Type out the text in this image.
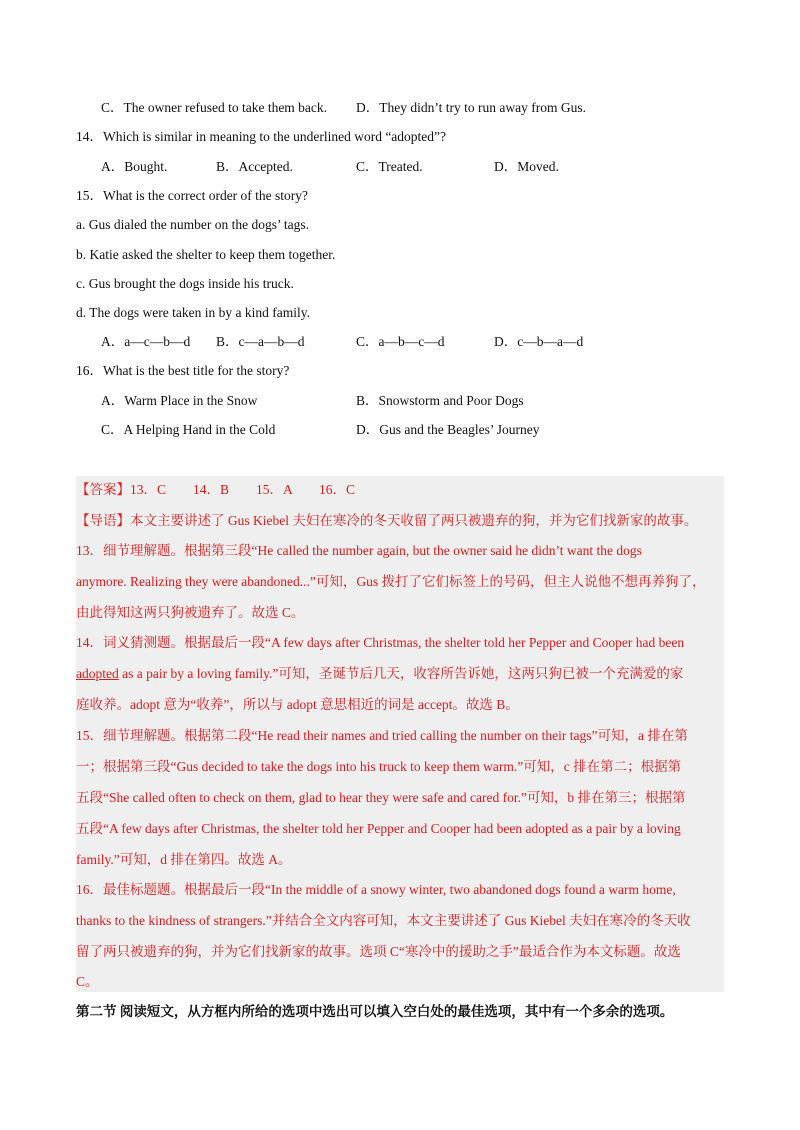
C．The owner refused to take them back. D．They didn’t try to run away from Gus.
14．Which is similar in meaning to the underlined word “adopted”?
A．Bought.	B．Accepted.	C．Treated.	D．Moved.
15．What is the correct order of the story?
a. Gus dialed the number on the dogs’ tags.
b. Katie asked the shelter to keep them together.
c. Gus brought the dogs inside his truck.
d. The dogs were taken in by a kind family.
A．a—c—b—d B．c—a—b—d	C．a—b—c—d	D．c—b—a—d
16．What is the best title for the story?
A．Warm Place in the Snow	B．Snowstorm and Poor Dogs
C．A Helping Hand in the Cold	D．Gus and the Beagles’ Journey
【答案】13．C　　14．B　　15．A　　16．C
【导语】本文主要讲述了 Gus Kiebel 夫妇在寒冷的冬天收留了两只被遗弃的狗，并为它们找新家的故事。
13．细节理解题。根据第三段“He called the number again, but the owner said he didn’t want the dogs
anymore. Realizing they were abandoned...”可知，Gus 拨打了它们标签上的号码，但主人说他不想再养狗了，
由此得知这两只狗被遗弃了。故选 C。
14．词义猜测题。根据最后一段“A few days after Christmas, the shelter told her Pepper and Cooper had been
adopted as a pair by a loving family.”可知，圣诞节后几天，收容所告诉她，这两只狗已被一个充满爱的家
庭收养。adopt 意为“收养”，所以与 adopt 意思相近的词是 accept。故选 B。
15．细节理解题。根据第二段“He read their names and tried calling the number on their tags”可知，a 排在第
一；根据第三段“Gus decided to take the dogs into his truck to keep them warm.”可知，c 排在第二；根据第
五段“She called often to check on them, glad to hear they were safe and cared for.”可知，b 排在第三；根据第
五段“A few days after Christmas, the shelter told her Pepper and Cooper had been adopted as a pair by a loving
family.”可知，d 排在第四。故选 A。
16．最佳标题题。根据最后一段“In the middle of a snowy winter, two abandoned dogs found a warm home,
thanks to the kindness of strangers.”并结合全文内容可知，本文主要讲述了 Gus Kiebel 夫妇在寒冷的冬天收
留了两只被遗弃的狗，并为它们找新家的故事。选项 C“寒冷中的援助之手”最适合作为本文标题。故选
C。
第二节 阅读短文，从方框内所给的选项中选出可以填入空白处的最佳选项，其中有一个多余的选项。
